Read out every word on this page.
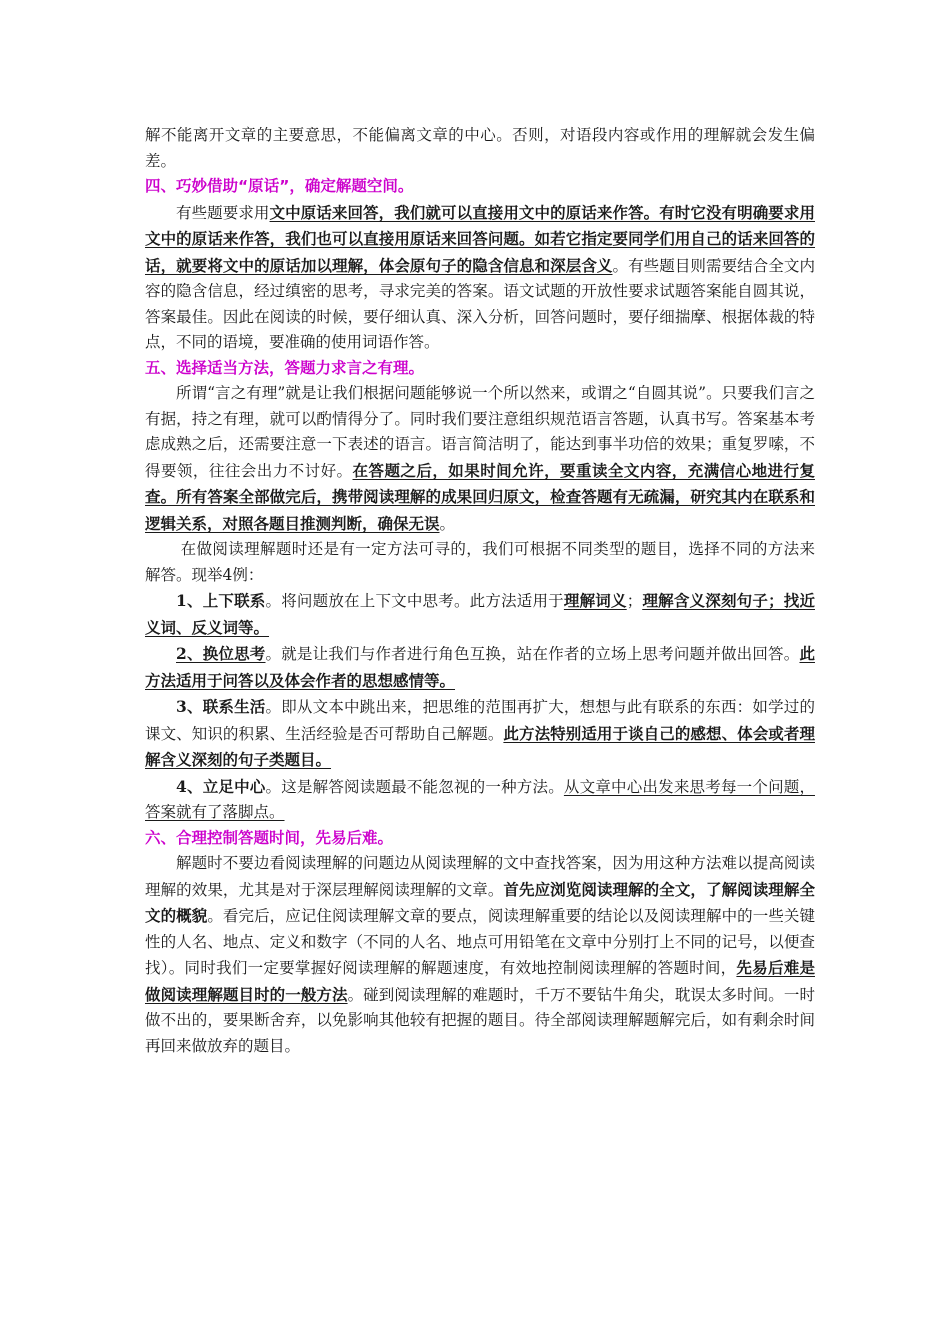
解不能离开文章的主要意思，不能偏离文章的中心。否则，对语段内容或作用的理解就会发生偏差。

四、巧妙借助“原话”，确定解题空间。

有些题要求用文中原话来回答，我们就可以直接用文中的原话来作答。有时它没有明确要求用文中的原话来作答，我们也可以直接用原话来回答问题。如若它指定要同学们用自己的话来回答的话，就要将文中的原话加以理解，体会原句子的隐含信息和深层含义。有些题目则需要结合全文内容的隐含信息，经过缜密的思考，寻求完美的答案。语文试题的开放性要求试题答案能自圆其说，答案最佳。因此在阅读的时候，要仔细认真、深入分析，回答问题时，要仔细揣摩、根据体裁的特点，不同的语境，要准确的使用词语作答。

五、选择适当方法，答题力求言之有理。

所谓“言之有理”就是让我们根据问题能够说一个所以然来，或谓之“自圆其说”。只要我们言之有据，持之有理，就可以酌情得分了。同时我们要注意组织规范语言答题，认真书写。答案基本考虑成熟之后，还需要注意一下表述的语言。语言简洁明了，能达到事半功倍的效果；重复罗嗦，不得要领，往往会出力不讨好。在答题之后，如果时间允许，要重读全文内容，充满信心地进行复查。所有答案全部做完后，携带阅读理解的成果回归原文，检查答题有无疏漏，研究其内在联系和逻辑关系，对照各题目推测判断，确保无误。

在做阅读理解题时还是有一定方法可寻的，我们可根据不同类型的题目，选择不同的方法来解答。现举4例：

1、上下联系。将问题放在上下文中思考。此方法适用于理解词义；理解含义深刻句子；找近义词、反义词等。

2、换位思考。就是让我们与作者进行角色互换，站在作者的立场上思考问题并做出回答。此方法适用于问答以及体会作者的思想感情等。

3、联系生活。即从文本中跳出来，把思维的范围再扩大，想想与此有联系的东西：如学过的课文、知识的积累、生活经验是否可帮助自己解题。此方法特别适用于谈自己的感想、体会或者理解含义深刻的句子类题目。

4、立足中心。这是解答阅读题最不能忽视的一种方法。从文章中心出发来思考每一个问题，答案就有了落脚点。

六、合理控制答题时间，先易后难。

解题时不要边看阅读理解的问题边从阅读理解的文中查找答案，因为用这种方法难以提高阅读理解的效果，尤其是对于深层理解阅读理解的文章。首先应浏览阅读理解的全文，了解阅读理解全文的概貌。看完后，应记住阅读理解文章的要点，阅读理解重要的结论以及阅读理解中的一些关键性的人名、地点、定义和数字（不同的人名、地点可用铅笔在文章中分别打上不同的记号，以便查找）。同时我们一定要掌握好阅读理解的解题速度，有效地控制阅读理解的答题时间，先易后难是做阅读理解题目时的一般方法。碰到阅读理解的难题时，千万不要钻牛角尖，耽误太多时间。一时做不出的，要果断舍弃，以免影响其他较有把握的题目。待全部阅读理解题解完后，如有剩余时间再回来做放弃的题目。
